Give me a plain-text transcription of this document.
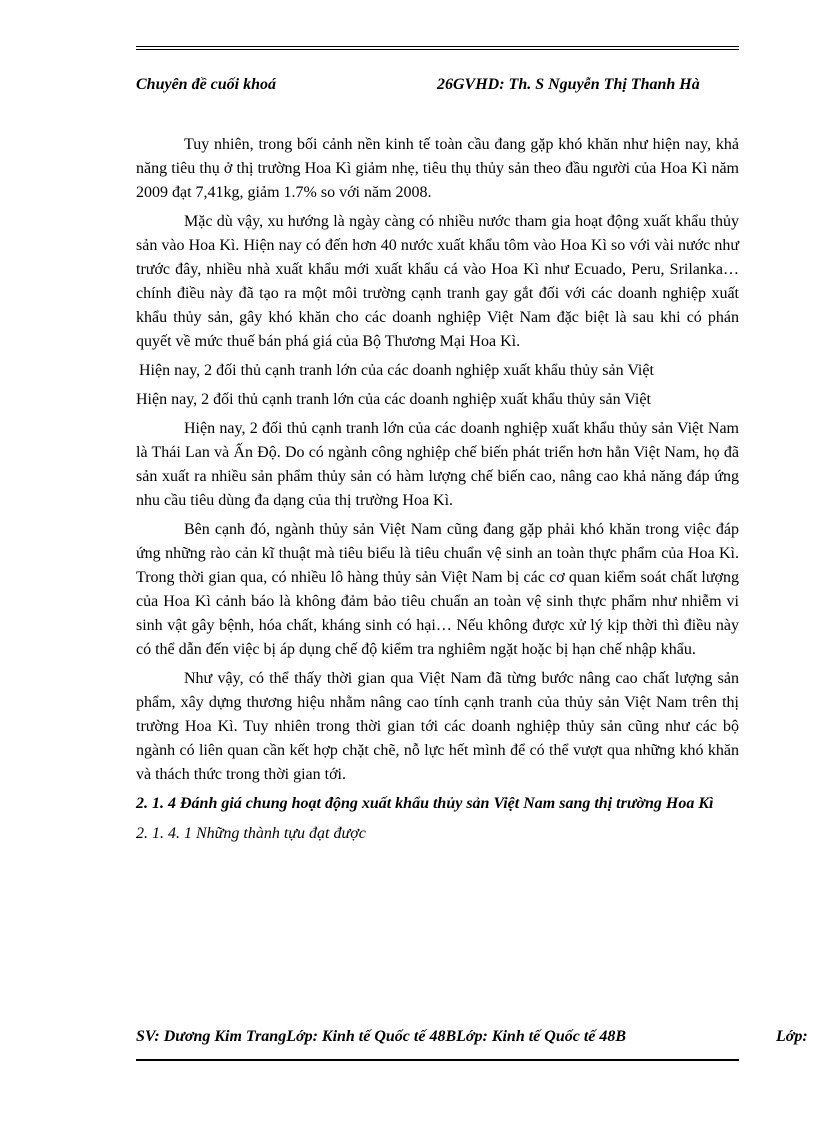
Chuyên đề cuối khoá	26GVHD: Th. S Nguyễn Thị Thanh Hà

Tuy nhiên, trong bối cảnh nền kinh tế toàn cầu đang gặp khó khăn như hiện nay, khả năng tiêu thụ ở thị trường Hoa Kì giảm nhẹ, tiêu thụ thủy sản theo đầu người của Hoa Kì năm 2009 đạt 7,41kg, giảm 1.7% so với năm 2008.

Mặc dù vậy, xu hướng là ngày càng có nhiều nước tham gia hoạt động xuất khẩu thủy sản vào Hoa Kì. Hiện nay có đến hơn 40 nước xuất khẩu tôm vào Hoa Kì so với vài nước như trước đây, nhiều nhà xuất khẩu mới xuất khẩu cá vào Hoa Kì như Ecuado, Peru, Srilanka… chính điều này đã tạo ra một môi trường cạnh tranh gay gắt đối với các doanh nghiệp xuất khẩu thủy sản, gây khó khăn cho các doanh nghiệp Việt Nam đặc biệt là sau khi có phán quyết về mức thuế bán phá giá của Bộ Thương Mại Hoa Kì.

Hiện nay, 2 đối thủ cạnh tranh lớn của các doanh nghiệp xuất khẩu thủy sản Việt

Hiện nay, 2 đối thủ cạnh tranh lớn của các doanh nghiệp xuất khẩu thủy sản Việt

Hiện nay, 2 đối thủ cạnh tranh lớn của các doanh nghiệp xuất khẩu thủy sản Việt Nam là Thái Lan và Ấn Độ. Do có ngành công nghiệp chế biến phát triển hơn hẳn Việt Nam, họ đã sản xuất ra nhiều sản phẩm thủy sản có hàm lượng chế biến cao, nâng cao khả năng đáp ứng nhu cầu tiêu dùng đa dạng của thị trường Hoa Kì.

Bên cạnh đó, ngành thủy sản Việt Nam cũng đang gặp phải khó khăn trong việc đáp ứng những rào cản kĩ thuật mà tiêu biểu là tiêu chuẩn vệ sinh an toàn thực phẩm của Hoa Kì. Trong thời gian qua, có nhiều lô hàng thủy sản Việt Nam bị các cơ quan kiểm soát chất lượng của Hoa Kì cảnh báo là không đảm bảo tiêu chuẩn an toàn vệ sinh thực phẩm như nhiễm vi sinh vật gây bệnh, hóa chất, kháng sinh có hại… Nếu không được xử lý kịp thời thì điều này có thể dẫn đến việc bị áp dụng chế độ kiểm tra nghiêm ngặt hoặc bị hạn chế nhập khẩu.

Như vậy, có thể thấy thời gian qua Việt Nam đã từng bước nâng cao chất lượng sản phẩm, xây dựng thương hiệu nhằm nâng cao tính cạnh tranh của thủy sản Việt Nam trên thị trường Hoa Kì. Tuy nhiên trong thời gian tới các doanh nghiệp thủy sản cũng như các bộ ngành có liên quan cần kết hợp chặt chẽ, nỗ lực hết mình để có thể vượt qua những khó khăn và thách thức trong thời gian tới.

2. 1. 4 Đánh giá chung hoạt động xuất khẩu thủy sản Việt Nam sang thị trường Hoa Kì

2. 1. 4. 1 Những thành tựu đạt được

SV: Dương Kim TrangLớp: Kinh tế Quốc tế 48BLớp: Kinh tế Quốc tế 48B	Lớp:
